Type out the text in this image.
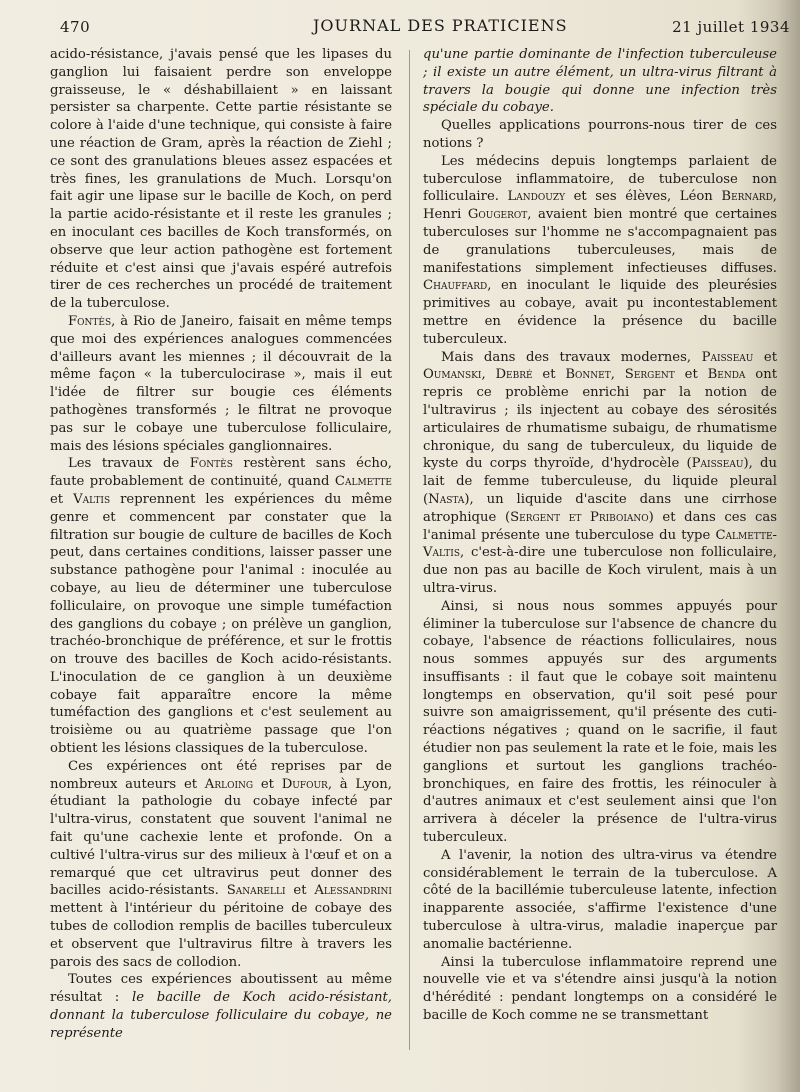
470	JOURNAL DES PRATICIENS	21 juillet 1934

acido-résistance, j'avais pensé que les lipases du ganglion lui faisaient perdre son enveloppe graisseuse, le « déshabillaient » en laissant persister sa charpente. Cette partie résistante se colore à l'aide d'une technique, qui consiste à faire une réaction de Gram, après la réaction de Ziehl ; ce sont des granulations bleues assez espacées et très fines, les granulations de Much. Lorsqu'on fait agir une lipase sur le bacille de Koch, on perd la partie acido-résistante et il reste les granules ; en inoculant ces bacilles de Koch transformés, on observe que leur action pathogène est fortement réduite et c'est ainsi que j'avais espéré autrefois tirer de ces recherches un procédé de traitement de la tuberculose.

Fontès, à Rio de Janeiro, faisait en même temps que moi des expériences analogues commencées d'ailleurs avant les miennes ; il découvrait de la même façon « la tuberculocirase », mais il eut l'idée de filtrer sur bougie ces éléments pathogènes transformés ; le filtrat ne provoque pas sur le cobaye une tuberculose folliculaire, mais des lésions spéciales ganglionnaires.

Les travaux de Fontès restèrent sans écho, faute probablement de continuité, quand Calmette et Valtis reprennent les expériences du même genre et commencent par constater que la filtration sur bougie de culture de bacilles de Koch peut, dans certaines conditions, laisser passer une substance pathogène pour l'animal : inoculée au cobaye, au lieu de déterminer une tuberculose folliculaire, on provoque une simple tuméfaction des ganglions du cobaye ; on prélève un ganglion, trachéo-bronchique de préférence, et sur le frottis on trouve des bacilles de Koch acido-résistants. L'inoculation de ce ganglion à un deuxième cobaye fait apparaître encore la même tuméfaction des ganglions et c'est seulement au troisième ou au quatrième passage que l'on obtient les lésions classiques de la tuberculose.

Ces expériences ont été reprises par de nombreux auteurs et Arloing et Dufour, à Lyon, étudiant la pathologie du cobaye infecté par l'ultra-virus, constatent que souvent l'animal ne fait qu'une cachexie lente et profonde. On a cultivé l'ultra-virus sur des milieux à l'œuf et on a remarqué que cet ultravirus peut donner des bacilles acido-résistants. Sanarelli et Alessandrini mettent à l'intérieur du péritoine de cobaye des tubes de collodion remplis de bacilles tuberculeux et observent que l'ultravirus filtre à travers les parois des sacs de collodion.

Toutes ces expériences aboutissent au même résultat : le bacille de Koch acido-résistant, donnant la tuberculose folliculaire du cobaye, ne représente

qu'une partie dominante de l'infection tuberculeuse ; il existe un autre élément, un ultra-virus filtrant à travers la bougie qui donne une infection très spéciale du cobaye.

Quelles applications pourrons-nous tirer de ces notions ?

Les médecins depuis longtemps parlaient de tuberculose inflammatoire, de tuberculose non folliculaire. Landouzy et ses élèves, Léon Bernard, Henri Gougerot, avaient bien montré que certaines tuberculoses sur l'homme ne s'accompagnaient pas de granulations tuberculeuses, mais de manifestations simplement infectieuses diffuses. Chauffard, en inoculant le liquide des pleurésies primitives au cobaye, avait pu incontestablement mettre en évidence la présence du bacille tuberculeux.

Mais dans des travaux modernes, Paisseau et Oumanski, Debré et Bonnet, Sergent et Benda ont repris ce problème enrichi par la notion de l'ultravirus ; ils injectent au cobaye des sérosités articulaires de rhumatisme subaigu, de rhumatisme chronique, du sang de tuberculeux, du liquide de kyste du corps thyroïde, d'hydrocèle (Paisseau), du lait de femme tuberculeuse, du liquide pleural (Nasta), un liquide d'ascite dans une cirrhose atrophique (Sergent et Priboiano) et dans ces cas l'animal présente une tuberculose du type Calmette-Valtis, c'est-à-dire une tuberculose non folliculaire, due non pas au bacille de Koch virulent, mais à un ultra-virus.

Ainsi, si nous nous sommes appuyés pour éliminer la tuberculose sur l'absence de chancre du cobaye, l'absence de réactions folliculaires, nous nous sommes appuyés sur des arguments insuffisants : il faut que le cobaye soit maintenu longtemps en observation, qu'il soit pesé pour suivre son amaigrissement, qu'il présente des cuti-réactions négatives ; quand on le sacrifie, il faut étudier non pas seulement la rate et le foie, mais les ganglions et surtout les ganglions trachéo-bronchiques, en faire des frottis, les réinoculer à d'autres animaux et c'est seulement ainsi que l'on arrivera à déceler la présence de l'ultra-virus tuberculeux.

A l'avenir, la notion des ultra-virus va étendre considérablement le terrain de la tuberculose. A côté de la bacillémie tuberculeuse latente, infection inapparente associée, s'affirme l'existence d'une tuberculose à ultra-virus, maladie inaperçue par anomalie bactérienne.

Ainsi la tuberculose inflammatoire reprend une nouvelle vie et va s'étendre ainsi jusqu'à la notion d'hérédité : pendant longtemps on a considéré le bacille de Koch comme ne se transmettant
